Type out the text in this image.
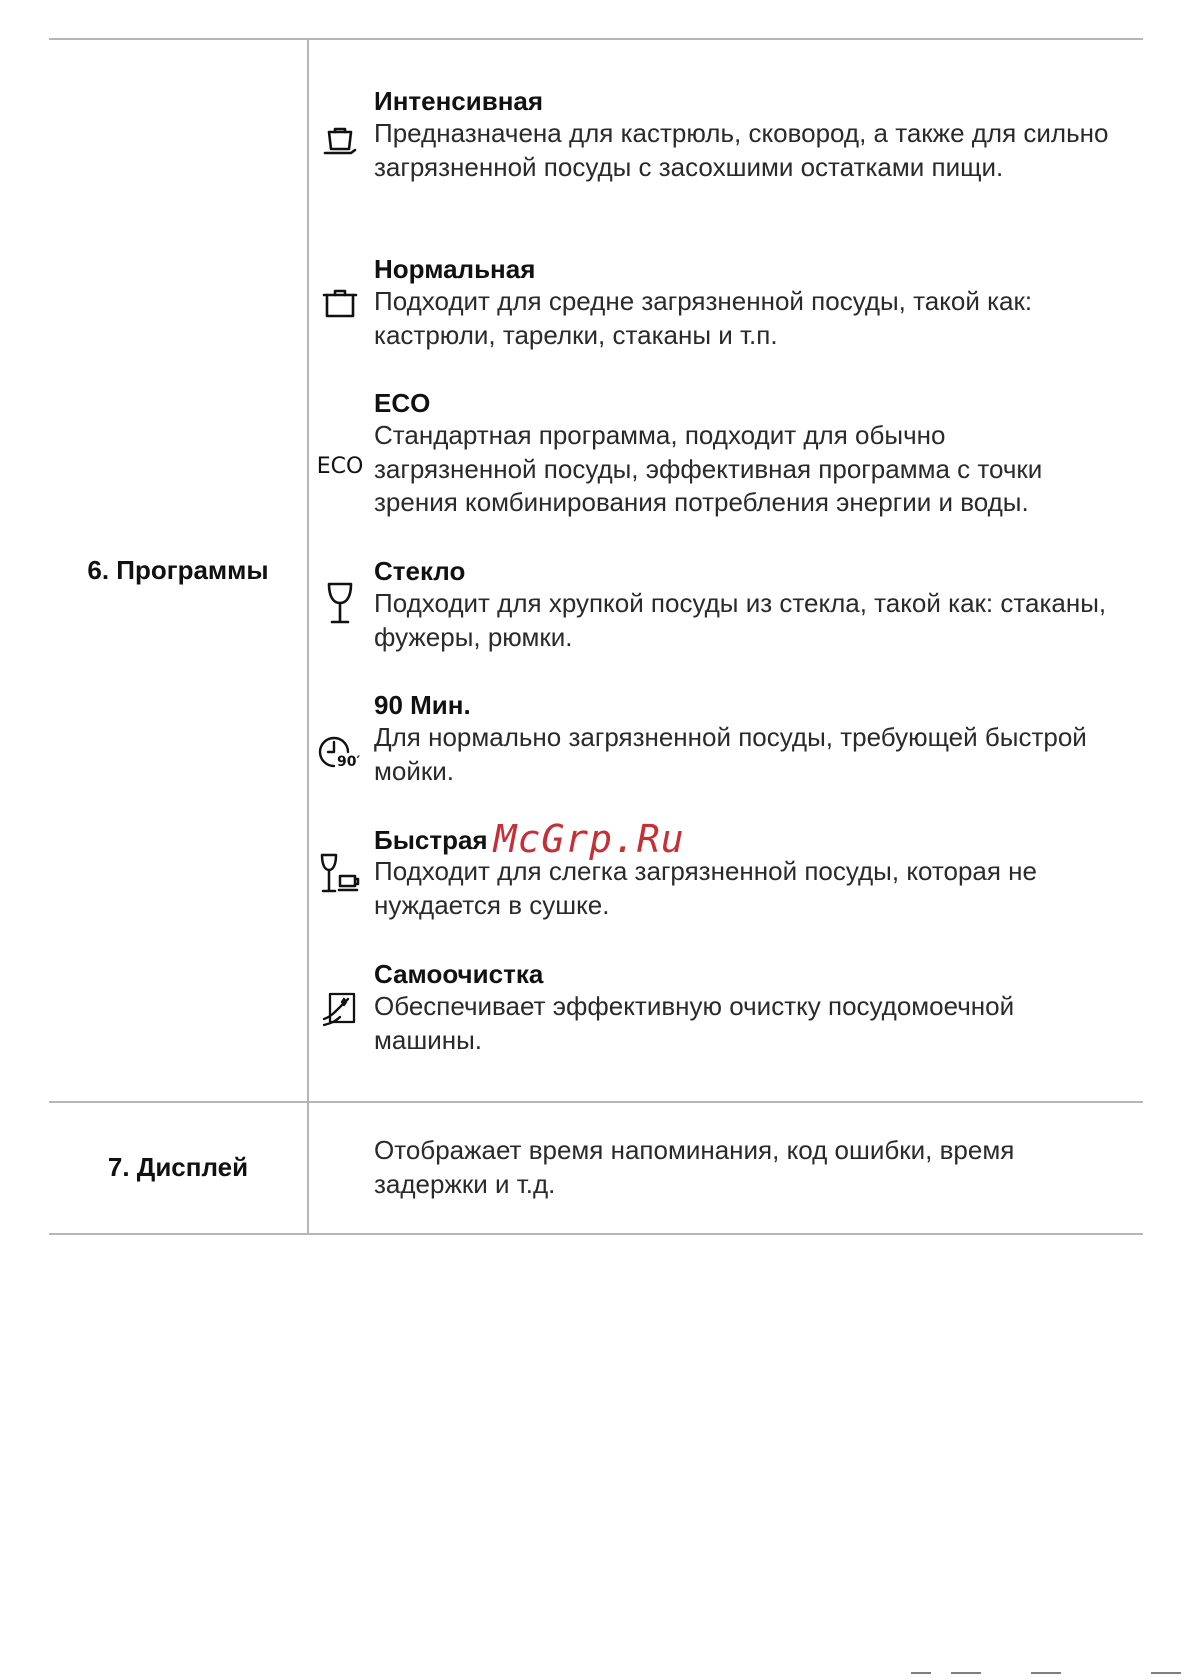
6. Программы
Интенсивная
Предназначена для кастрюль, сковород, а также для сильно загрязненной посуды с засохшими остатками пищи.
Нормальная
Подходит для средне загрязненной посуды, такой как: кастрюли, тарелки, стаканы и т.п.
ECO
ECO
Стандартная программа, подходит для обычно загрязненной посуды, эффективная программа с точки зрения комбинирования потребления энергии и воды.
Стекло
Подходит для хрупкой посуды из стекла, такой как: стаканы, фужеры, рюмки.
90′
90 Мин.
Для нормально загрязненной посуды, требующей быстрой мойки.
Быстрая McGrp.Ru
Подходит для слегка загрязненной посуды, которая не нуждается в сушке.
Самоочистка
Обеспечивает эффективную очистку посудомоечной машины.
7. Дисплей
Отображает время напоминания, код ошибки, время задержки и т.д.
